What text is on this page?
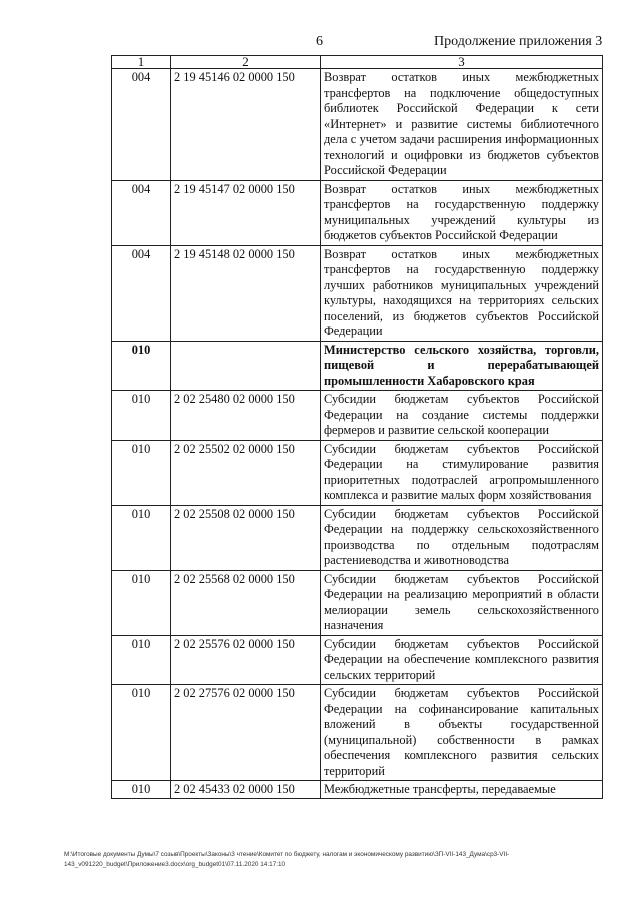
6	Продолжение приложения 3
1	2	3
004	2 19 45146 02 0000 150	Возврат остатков иных межбюджетных трансфертов на подключение общедоступных библиотек Российской Федерации к сети «Интернет» и развитие системы библиотечного дела с учетом задачи расширения информационных технологий и оцифровки из бюджетов субъектов Российской Федерации
004	2 19 45147 02 0000 150	Возврат остатков иных межбюджетных трансфертов на государственную поддержку муниципальных учреждений культуры из бюджетов субъектов Российской Федерации
004	2 19 45148 02 0000 150	Возврат остатков иных межбюджетных трансфертов на государственную поддержку лучших работников муниципальных учреждений культуры, находящихся на территориях сельских поселений, из бюджетов субъектов Российской Федерации
010		Министерство сельского хозяйства, торговли, пищевой и перерабатывающей промышленности Хабаровского края
010	2 02 25480 02 0000 150	Субсидии бюджетам субъектов Российской Федерации на создание системы поддержки фермеров и развитие сельской кооперации
010	2 02 25502 02 0000 150	Субсидии бюджетам субъектов Российской Федерации на стимулирование развития приоритетных подотраслей агропромышленного комплекса и развитие малых форм хозяйствования
010	2 02 25508 02 0000 150	Субсидии бюджетам субъектов Российской Федерации на поддержку сельскохозяйственного производства по отдельным подотраслям растениеводства и животноводства
010	2 02 25568 02 0000 150	Субсидии бюджетам субъектов Российской Федерации на реализацию мероприятий в области мелиорации земель сельскохозяйственного назначения
010	2 02 25576 02 0000 150	Субсидии бюджетам субъектов Российской Федерации на обеспечение комплексного развития сельских территорий
010	2 02 27576 02 0000 150	Субсидии бюджетам субъектов Российской Федерации на софинансирование капитальных вложений в объекты государственной (муниципальной) собственности в рамках обеспечения комплексного развития сельских территорий
010	2 02 45433 02 0000 150	Межбюджетные трансферты, передаваемые
M:\Итоговые документы Думы\7 созыв\Проекты\Законы\3 чтение\Комитет по бюджету, налогам и экономическому развитию\ЗП-VII-143_Дума\ср3-VII-
143_v091220_budget\Приложение3.docx\org_budget01\07.11.2020 14:17:10
